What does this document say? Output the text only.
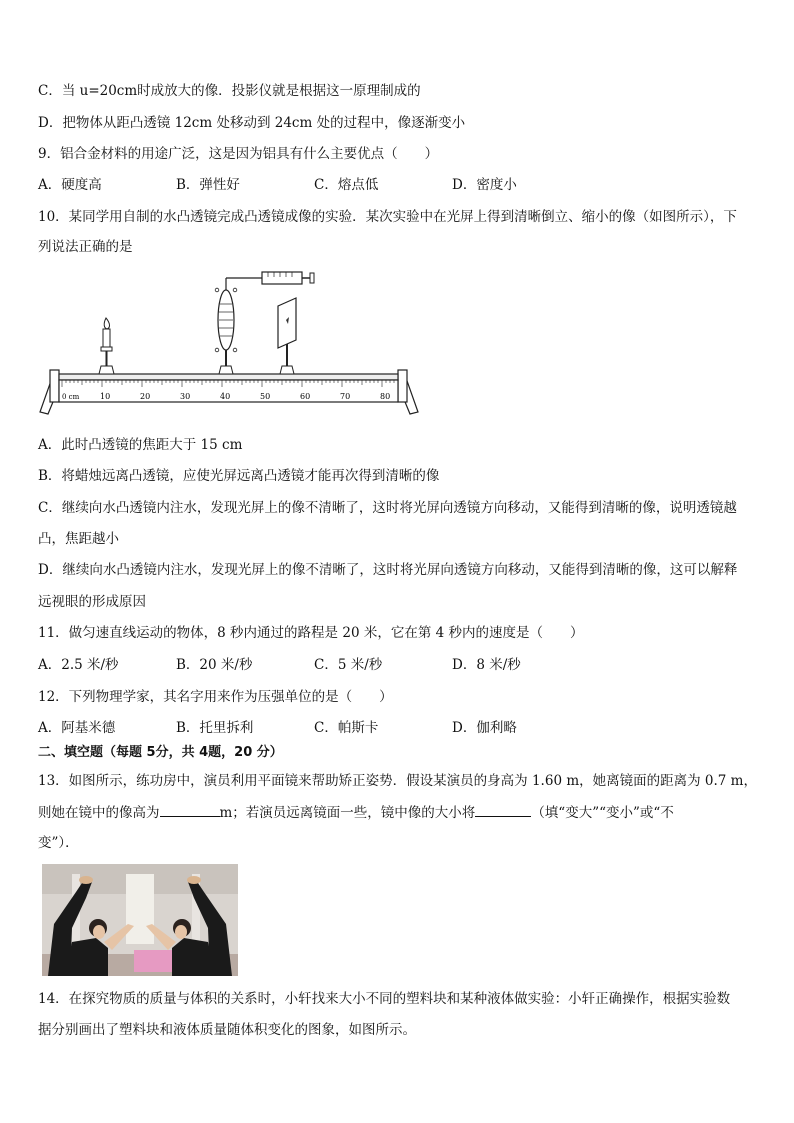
C．当 u=20cm时成放大的像．投影仪就是根据这一原理制成的
D．把物体从距凸透镜 12cm 处移动到 24cm 处的过程中，像逐渐变小
9．铝合金材料的用途广泛，这是因为铝具有什么主要优点（　　）
A．硬度高	B．弹性好	C．熔点低	D．密度小
10．某同学用自制的水凸透镜完成凸透镜成像的实验．某次实验中在光屏上得到清晰倒立、缩小的像（如图所示），下
列说法正确的是
0 cm	10	20	30	40	50	60	70	80
A．此时凸透镜的焦距大于 15 cm
B．将蜡烛远离凸透镜，应使光屏远离凸透镜才能再次得到清晰的像
C．继续向水凸透镜内注水，发现光屏上的像不清晰了，这时将光屏向透镜方向移动，又能得到清晰的像，说明透镜越
凸，焦距越小
D．继续向水凸透镜内注水，发现光屏上的像不清晰了，这时将光屏向透镜方向移动，又能得到清晰的像，这可以解释
远视眼的形成原因
11．做匀速直线运动的物体，8 秒内通过的路程是 20 米，它在第 4 秒内的速度是（　　）
A．2.5 米/秒	B．20 米/秒	C．5 米/秒	D．8 米/秒
12．下列物理学家，其名字用来作为压强单位的是（　　）
A．阿基米德	B．托里拆利	C．帕斯卡	D．伽利略
二、填空题（每题 5分，共 4题，20 分）
13．如图所示，练功房中，演员利用平面镜来帮助矫正姿势．假设某演员的身高为 1.60 m，她离镜面的距离为 0.7 m，
则她在镜中的像高为	m；若演员远离镜面一些，镜中像的大小将	（填“变大”“变小”或“不
变”）．
14．在探究物质的质量与体积的关系时，小轩找来大小不同的塑料块和某种液体做实验：小轩正确操作，根据实验数
据分别画出了塑料块和液体质量随体积变化的图象，如图所示。
